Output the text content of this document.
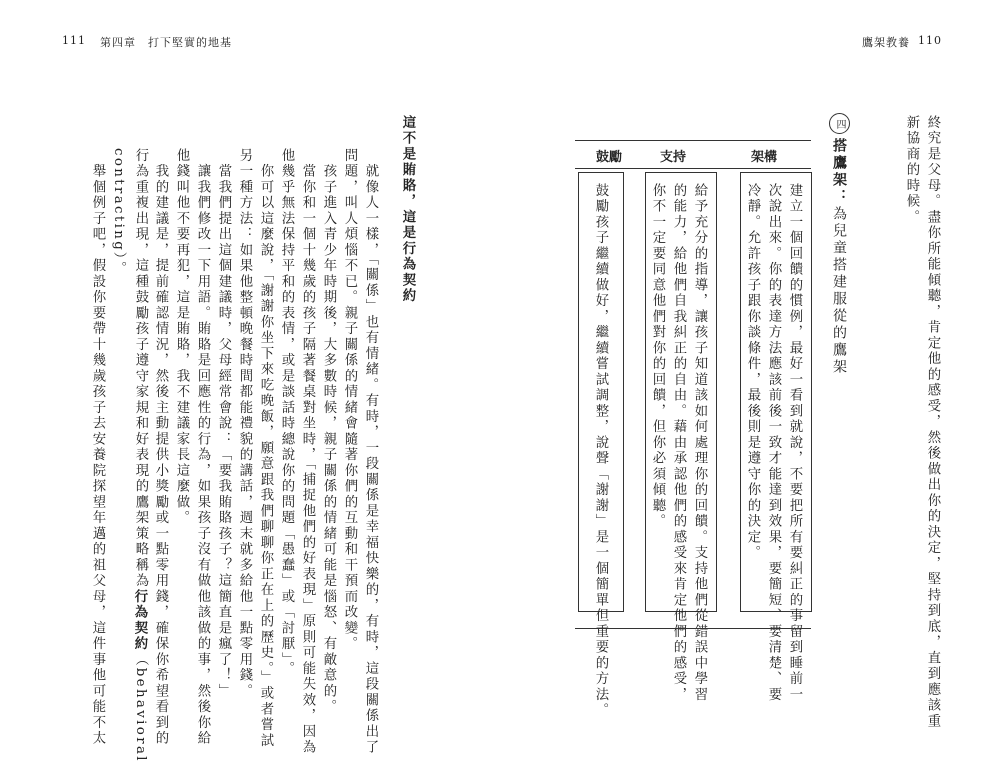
111 第四章　打下堅實的地基	鷹架教養 110
終究是父母。盡你所能傾聽，肯定他的感受，然後做出你的決定，堅持到底，直到應該重
新協商的時候。
四搭鷹架：為兒童搭建服從的鷹架
架構
支持
鼓勵
建立一個回饋的慣例，最好一看到就說，不要把所有要糾正的事留到睡前一
次說出來。你的表達方法應該前後一致才能達到效果，要簡短、要清楚、要
冷靜。允許孩子跟你談條件，最後則是遵守你的決定。
給予充分的指導，讓孩子知道該如何處理你的回饋。支持他們從錯誤中學習
的能力，給他們自我糾正的自由。藉由承認他們的感受來肯定他們的感受，
你不一定要同意他們對你的回饋，但你必須傾聽。
鼓勵孩子繼續做好，繼續嘗試調整，說聲「謝謝」是一個簡單但重要的方法。
這不是賄賂，這是行為契約
　就像人一樣，「關係」也有情緒。有時，一段關係是幸福快樂的，有時，這段關係出了
問題，叫人煩惱不已。親子關係的情緒會隨著你們的互動和干預而改變。
　孩子進入青少年時期後，大多數時候，親子關係的情緒可能是惱怒、有敵意的。
　當你和一個十幾歲的孩子隔著餐桌對坐時，「捕捉他們的好表現」原則可能失效，因為
他幾乎無法保持平和的表情，或是談話時總說你的問題「愚蠢」或「討厭」。
　你可以這麼說，「謝謝你坐下來吃晚飯，願意跟我們聊聊你正在上的歷史。」或者嘗試
另一種方法：如果他整頓晚餐時間都能禮貌的講話，週末就多給他一點零用錢。
　當我們提出這個建議時，父母經常會說：「要我賄賂孩子？這簡直是瘋了！」
　讓我們修改一下用語。賄賂是回應性的行為，如果孩子沒有做他該做的事，然後你給
他錢叫他不要再犯，這是賄賂，我不建議家長這麼做。
　我的建議是，提前確認情況，然後主動提供小獎勵或一點零用錢，確保你希望看到的
行為重複出現，這種鼓勵孩子遵守家規和好表現的鷹架策略稱為行為契約（behavioral
contracting）。
　舉個例子吧，假設你要帶十幾歲孩子去安養院探望年邁的祖父母，這件事他可能不太
